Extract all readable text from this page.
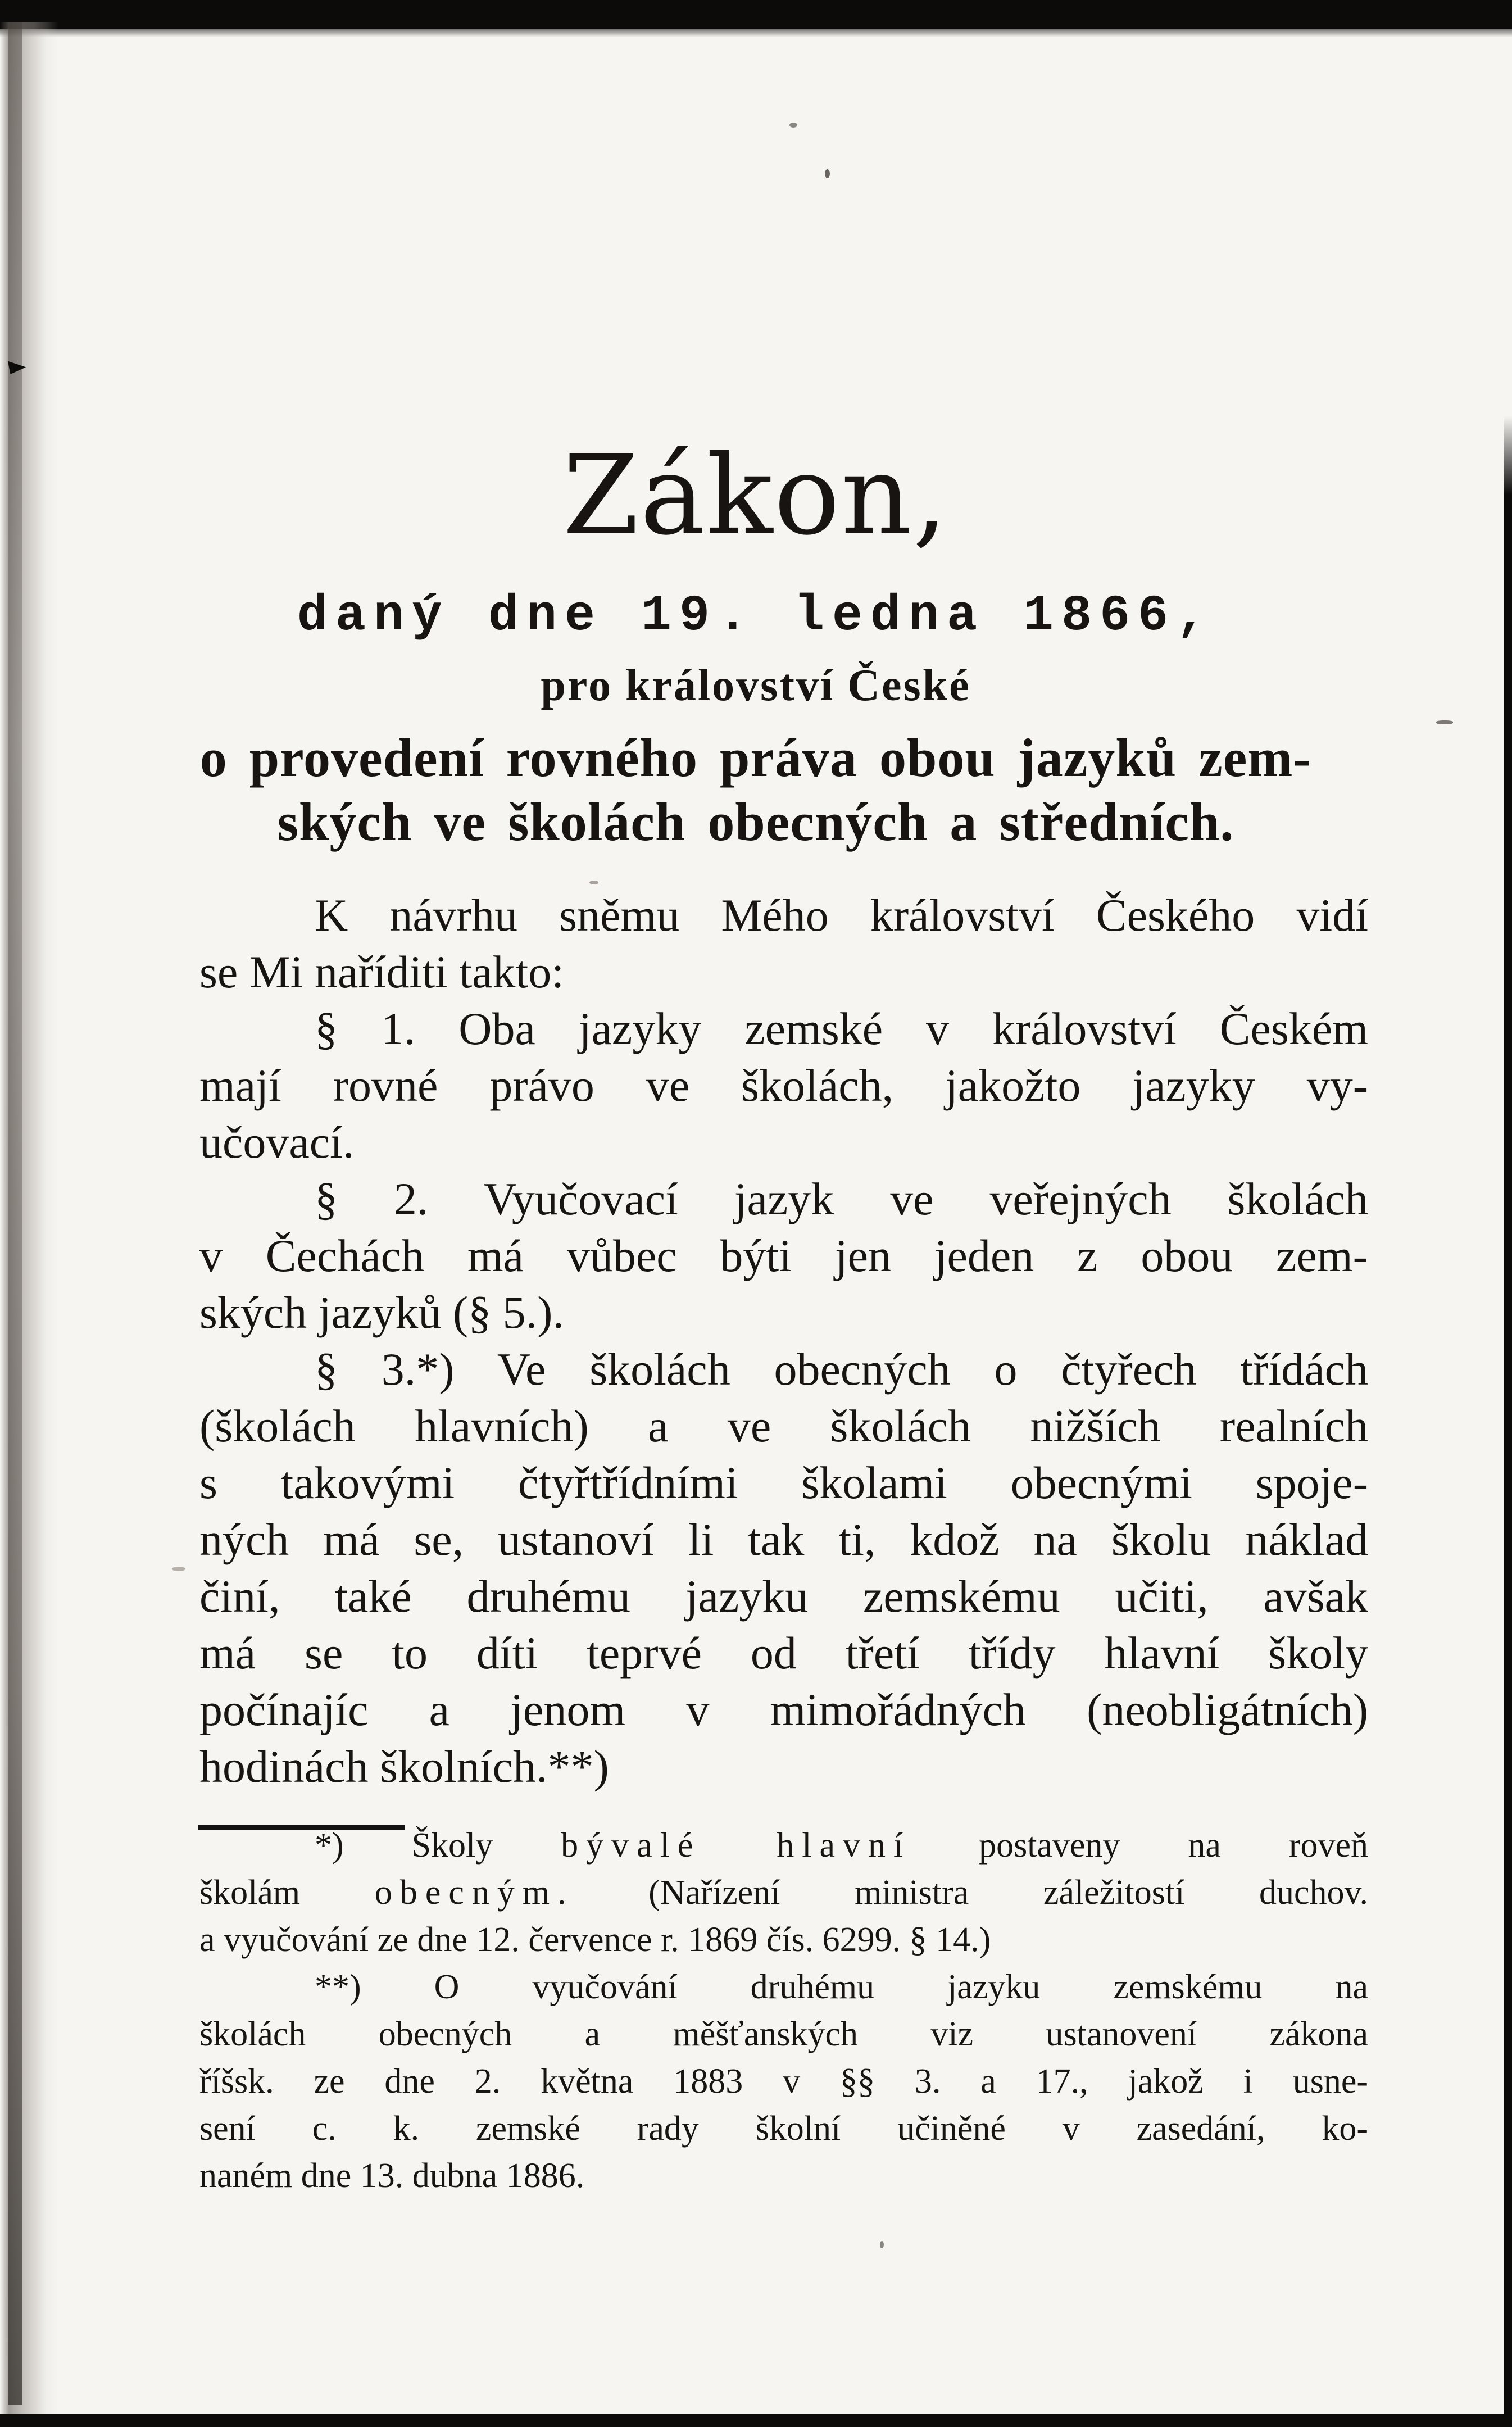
Zákon,
daný dne 19. ledna 1866,
pro království České
o provedení rovného práva obou jazyků zem-
ských ve školách obecných a středních.
K návrhu sněmu Mého království Českého vidí
se Mi naříditi takto:
§ 1. Oba jazyky zemské v království Českém
mají rovné právo ve školách, jakožto jazyky vy-
učovací.
§ 2. Vyučovací jazyk ve veřejných školách
v Čechách má vůbec býti jen jeden z obou zem-
ských jazyků (§ 5.).
§ 3.*) Ve školách obecných o čtyřech třídách
(školách hlavních) a ve školách nižších realních
s takovými čtyřtřídními školami obecnými spoje-
ných má se, ustanoví li tak ti, kdož na školu náklad
činí, také druhému jazyku zemskému učiti, avšak
má se to díti teprvé od třetí třídy hlavní školy
počínajíc a jenom v mimořádných (neobligátních)
hodinách školních.**)
*) Školy bývalé hlavní postaveny na roveň
školám obecným. (Nařízení ministra záležitostí duchov.
a vyučování ze dne 12. července r. 1869 čís. 6299. § 14.)
**) O vyučování druhému jazyku zemskému na
školách obecných a měšťanských viz ustanovení zákona
říšsk. ze dne 2. května 1883 v §§ 3. a 17., jakož i usne-
sení c. k. zemské rady školní učiněné v zasedání, ko-
naném dne 13. dubna 1886.
